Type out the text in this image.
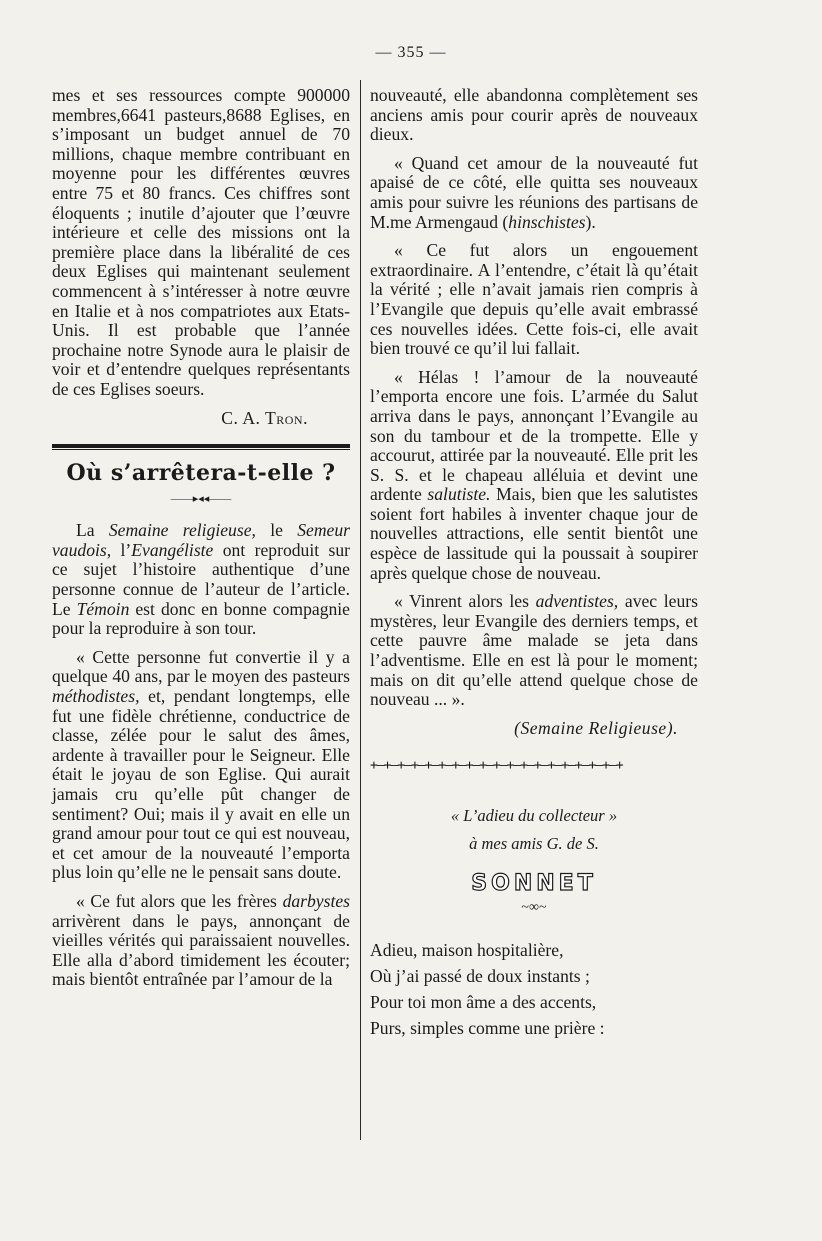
— 355 —

mes et ses ressources compte 900000 membres,6641 pasteurs,8688 Eglises, en s’imposant un budget annuel de 70 millions, chaque membre contribuant en moyenne pour les différentes œuvres entre 75 et 80 francs. Ces chiffres sont éloquents ; inutile d’ajouter que l’œuvre intérieure et celle des missions ont la première place dans la libéralité de ces deux Eglises qui maintenant seulement commencent à s’intéresser à notre œuvre en Italie et à nos compatriotes aux Etats-Unis. Il est probable que l’année prochaine notre Synode aura le plaisir de voir et d’entendre quelques représentants de ces Eglises soeurs.

C. A. Tron.
Où s’arrêtera-t-elle ?
——▸◂◂——

La Semaine religieuse, le Semeur vaudois, l’Evangéliste ont reproduit sur ce sujet l’histoire authentique d’une personne connue de l’auteur de l’article. Le Témoin est donc en bonne compagnie pour la reproduire à son tour.

« Cette personne fut convertie il y a quelque 40 ans, par le moyen des pasteurs méthodistes, et, pendant longtemps, elle fut une fidèle chrétienne, conductrice de classe, zélée pour le salut des âmes, ardente à travailler pour le Seigneur. Elle était le joyau de son Eglise. Qui aurait jamais cru qu’elle pût changer de sentiment? Oui; mais il y avait en elle un grand amour pour tout ce qui est nouveau, et cet amour de la nouveauté l’emporta plus loin qu’elle ne le pensait sans doute.

« Ce fut alors que les frères darbystes arrivèrent dans le pays, annonçant de vieilles vérités qui paraissaient nouvelles. Elle alla d’abord timidement les écouter; mais bientôt entraînée par l’amour de la

nouveauté, elle abandonna complètement ses anciens amis pour courir après de nouveaux dieux.

« Quand cet amour de la nouveauté fut apaisé de ce côté, elle quitta ses nouveaux amis pour suivre les réunions des partisans de M.me Armengaud (hinschistes).

« Ce fut alors un engouement extraordinaire. A l’entendre, c’était là qu’était la vérité ; elle n’avait jamais rien compris à l’Evangile que depuis qu’elle avait embrassé ces nouvelles idées. Cette fois-ci, elle avait bien trouvé ce qu’il lui fallait.

« Hélas ! l’amour de la nouveauté l’emporta encore une fois. L’armée du Salut arriva dans le pays, annonçant l’Evangile au son du tambour et de la trompette. Elle y accourut, attirée par la nouveauté. Elle prit les S. S. et le chapeau alléluia et devint une ardente salutiste. Mais, bien que les salutistes soient fort habiles à inventer chaque jour de nouvelles attractions, elle sentit bientôt une espèce de lassitude qui la poussait à soupirer après quelque chose de nouveau.

« Vinrent alors les adventistes, avec leurs mystères, leur Evangile des derniers temps, et cette pauvre âme malade se jeta dans l’adventisme. Elle en est là pour le moment; mais on dit qu’elle attend quelque chose de nouveau ... ».

(Semaine Religieuse).
+—+—+—+—+—+—+—+—+—+—+—+—+—+—+—+—+—+—+
« L’adieu du collecteur »
à mes amis G. de S.
SONNET
~∞~

Adieu, maison hospitalière,

Où j’ai passé de doux instants ;

Pour toi mon âme a des accents,

Purs, simples comme une prière :
